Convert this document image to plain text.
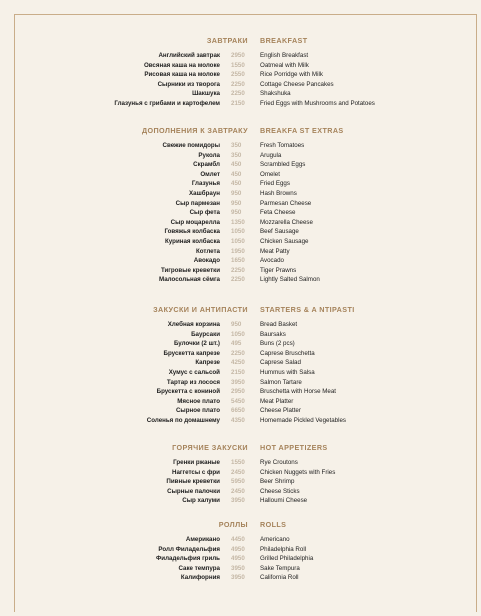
ЗАВТРАКИ BREAKFAST
Английский завтрак 2950 English Breakfast
Овсяная каша на молоке 1550 Oatmeal with Milk
Рисовая каша на молоке 2550 Rice Porridge with Milk
Сырники из творога 2250 Cottage Cheese Pancakes
Шакшука 2250 Shakshuka
Глазунья с грибами и картофелем 2150 Fried Eggs with Mushrooms and Potatoes
ДОПОЛНЕНИЯ К ЗАВТРАКУ BREAKFA ST EXTRAS
Свежие помидоры 350	Fresh Tomatoes
Рукола 350	Arugula
Скрамбл 450	Scrambled Eggs
Омлет 450	Omelet
Глазунья 450	Fried Eggs
Хашбраун 950	Hash Browns
Сыр пармезан 950	Parmesan Cheese
Сыр фета 950	Feta Cheese
Сыр моцарелла 1350 Mozzarella Cheese
Говяжья колбаска 1050 Beef Sausage
Куриная колбаска 1050 Chicken Sausage
Котлета 1950 Meat Patty
Авокадо 1650 Avocado
Тигровые креветки 2250 Tiger Prawns
Малосольная сёмга 2250 Lightly Salted Salmon
ЗАКУСКИ И АНТИПАСТИ STARTERS & A NTIPASTI
Хлебная корзина 950	Bread Basket
Баурсаки 1050 Baursaks
Булочки (2 шт.) 495	Buns (2 pcs)
Брускетта капрезе 2250 Caprese Bruschetta
Капрезе 4250 Caprese Salad
Хумус с сальсой 2150 Hummus with Salsa
Тартар из лосося 3950 Salmon Tartare
Брускетта с кониной 2950 Bruschetta with Horse Meat
Мясное плато 5450 Meat Platter
Сырное плато 6650 Cheese Platter
Соленья по домашнему 4350 Homemade Pickled Vegetables
ГОРЯЧИЕ ЗАКУСКИ HOT APPETIZERS
Гренки ржаные 1550 Rye Croutons
Наггетсы с фри 2450 Chicken Nuggets with Fries
Пивные креветки 5950 Beer Shrimp
Сырные палочки 2450 Cheese Sticks
Сыр халуми 3950 Halloumi Cheese
РОЛЛЫ ROLLS
Американо 4450 Americano
Ролл Филадельфия 4950 Philadelphia Roll
Филадельфия гриль 4950 Grilled Philadelphia
Саке темпура 3950 Sake Tempura
Калифорния 3950 California Roll
